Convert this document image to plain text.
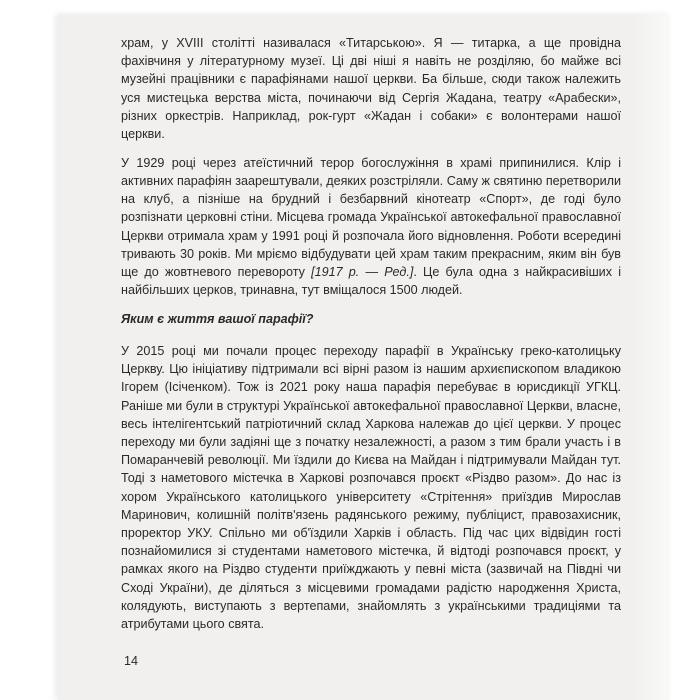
храм, у XVIII столітті називалася «Титарською». Я — титарка, а ще провідна фахівчиня у літературному музеї. Ці дві ніші я навіть не розділяю, бо майже всі музейні працівники є парафіянами нашої церкви. Ба більше, сюди також належить уся мистецька верства міста, починаючи від Сергія Жадана, театру «Арабески», різних оркестрів. Наприклад, рок-гурт «Жадан і собаки» є волонтерами нашої церкви.

У 1929 році через атеїстичний терор богослужіння в храмі припинилися. Клір і активних парафіян заарештували, деяких розстріляли. Саму ж святиню перетворили на клуб, а пізніше на брудний і безбарвний кінотеатр «Спорт», де годі було розпізнати церковні стіни. Місцева громада Української автокефальної православної Церкви отримала храм у 1991 році й розпочала його відновлення. Роботи всередині тривають 30 років. Ми мріємо відбудувати цей храм таким прекрасним, яким він був ще до жовтневого перевороту [1917 р. — Ред.]. Це була одна з найкрасивіших і найбільших церков, тринавна, тут вміщалося 1500 людей.

Яким є життя вашої парафії?

У 2015 році ми почали процес переходу парафії в Українську греко-католицьку Церкву. Цю ініціативу підтримали всі вірні разом із нашим архиєпископом владикою Ігорем (Ісіченком). Тож із 2021 року наша парафія перебуває в юрисдикції УГКЦ. Раніше ми були в структурі Української автокефальної православної Церкви, власне, весь інтелігентський патріотичний склад Харкова належав до цієї церкви. У процес переходу ми були задіяні ще з початку незалежності, а разом з тим брали участь і в Помаранчевій революції. Ми їздили до Києва на Майдан і підтримували Майдан тут. Тоді з наметового містечка в Харкові розпочався проєкт «Різдво разом». До нас із хором Українського католицького університету «Стрітення» приїздив Мирослав Маринович, колишній політв'язень радянського режиму, публіцист, правозахисник, проректор УКУ. Спільно ми об'їздили Харків і область. Під час цих відвідин гості познайомилися зі студентами наметового містечка, й відтоді розпочався проєкт, у рамках якого на Різдво студенти приїжджають у певні міста (зазвичай на Півдні чи Сході України), де діляться з місцевими громадами радістю народження Христа, колядують, виступають з вертепами, знайомлять з українськими традиціями та атрибутами цього свята.

14
